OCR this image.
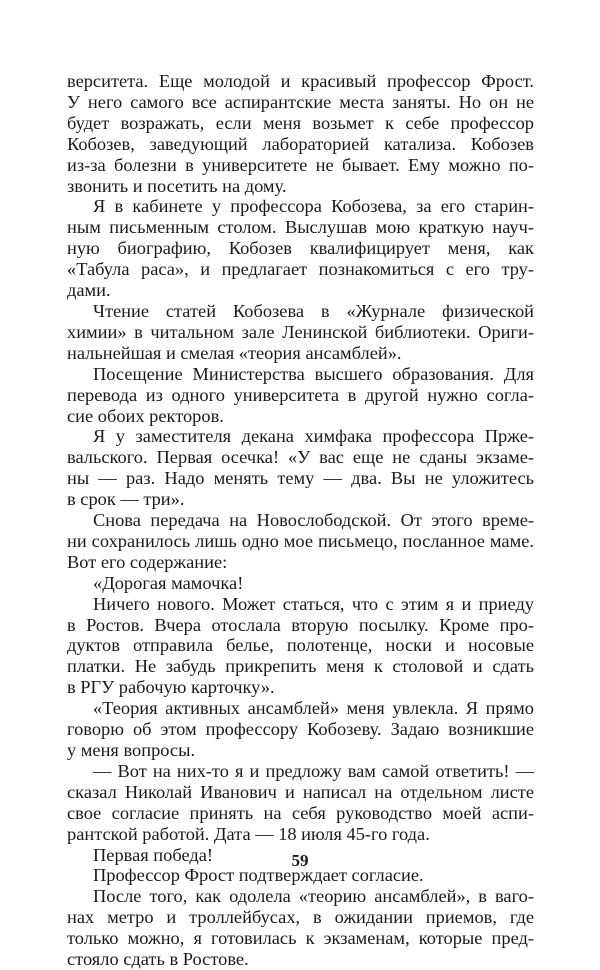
верситета. Еще молодой и красивый профессор Фрост.
У него самого все аспирантские места заняты. Но он не
будет возражать, если меня возьмет к себе профессор
Кобозев, заведующий лабораторией катализа. Кобозев
из-за болезни в университете не бывает. Ему можно по-
звонить и посетить на дому.

Я в кабинете у профессора Кобозева, за его старин-
ным письменным столом. Выслушав мою краткую науч-
ную биографию, Кобозев квалифицирует меня, как
«Табула раса», и предлагает познакомиться с его тру-
дами.

Чтение статей Кобозева в «Журнале физической
химии» в читальном зале Ленинской библиотеки. Ориги-
нальнейшая и смелая «теория ансамблей».

Посещение Министерства высшего образования. Для
перевода из одного университета в другой нужно согла-
сие обоих ректоров.

Я у заместителя декана химфака профессора Прже-
вальского. Первая осечка! «У вас еще не сданы экзаме-
ны — раз. Надо менять тему — два. Вы не уложитесь
в срок — три».

Снова передача на Новослободской. От этого време-
ни сохранилось лишь одно мое письмецо, посланное маме.
Вот его содержание:

«Дорогая мамочка!

Ничего нового. Может статься, что с этим я и приеду
в Ростов. Вчера отослала вторую посылку. Кроме про-
дуктов отправила белье, полотенце, носки и носовые
платки. Не забудь прикрепить меня к столовой и сдать
в РГУ рабочую карточку».

«Теория активных ансамблей» меня увлекла. Я прямо
говорю об этом профессору Кобозеву. Задаю возникшие
у меня вопросы.

— Вот на них-то я и предложу вам самой ответить! —
сказал Николай Иванович и написал на отдельном листе
свое согласие принять на себя руководство моей аспи-
рантской работой. Дата — 18 июля 45-го года.

Первая победа!

Профессор Фрост подтверждает согласие.

После того, как одолела «теорию ансамблей», в ваго-
нах метро и троллейбусах, в ожидании приемов, где
только можно, я готовилась к экзаменам, которые пред-
стояло сдать в Ростове.

59
